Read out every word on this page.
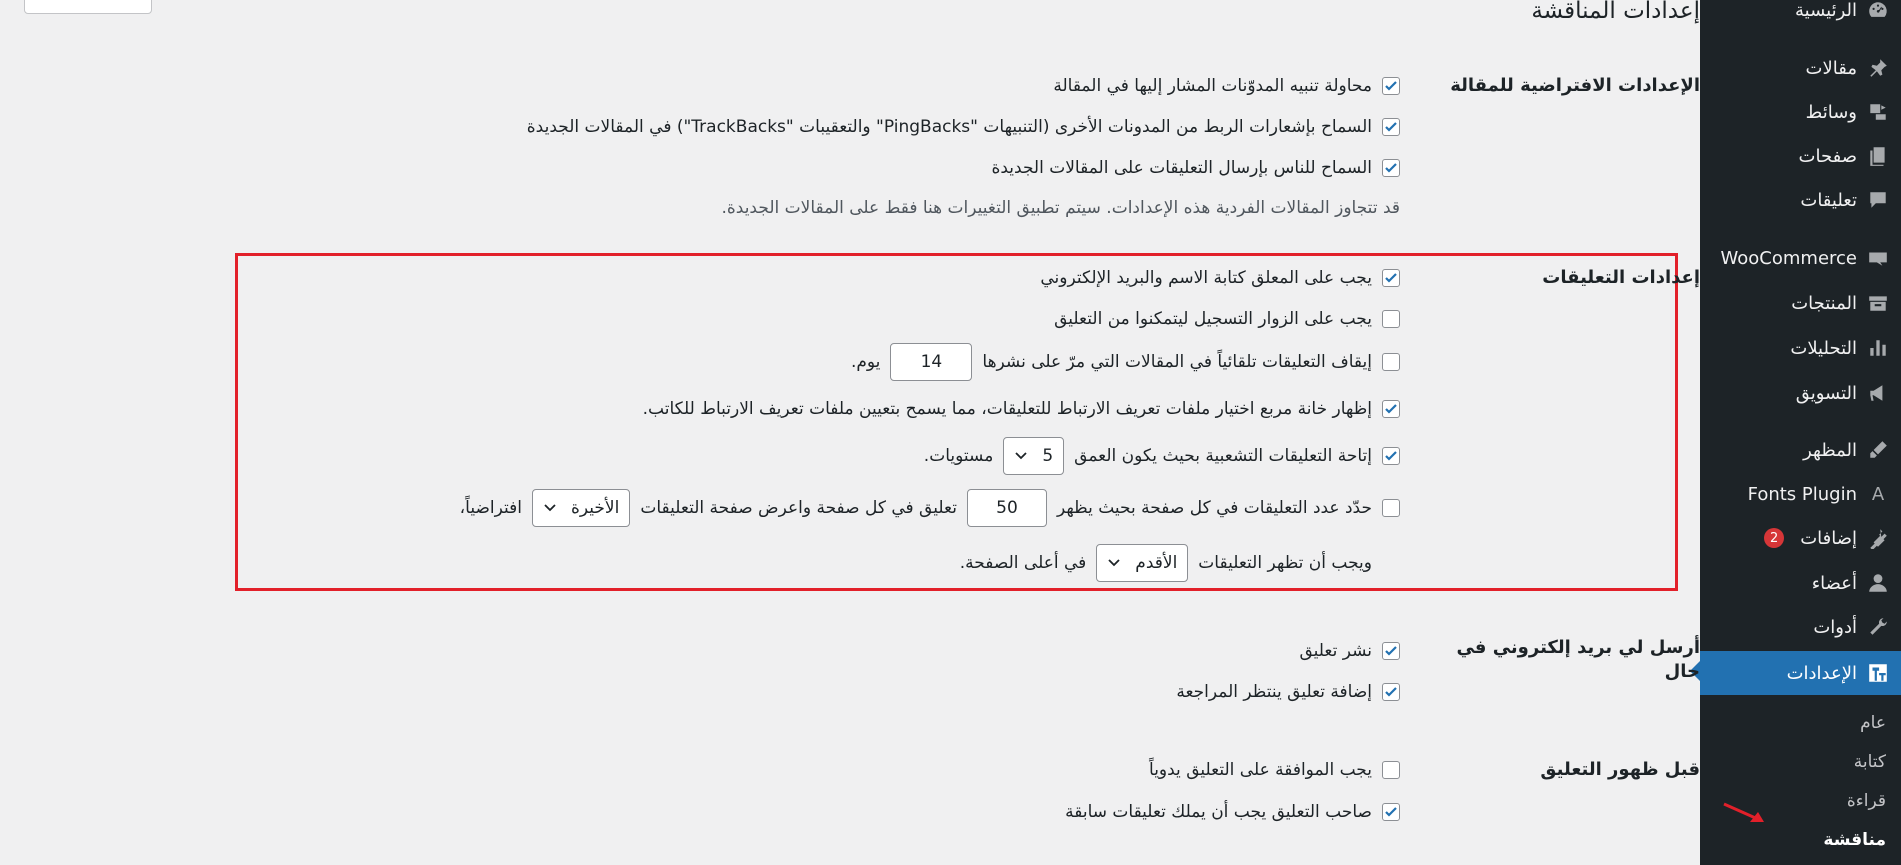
الرئيسية
مقالات
وسائط
صفحات
تعليقات
WooCommerce
المنتجات
التحليلات
التسويق
المظهر
A
Fonts Plugin
إضافات
2
أعضاء
أدوات
الإعدادات
عام
كتابة
قراءة
مناقشة
إعدادات المناقشة
الإعدادات الافتراضية للمقالة
محاولة تنبيه المدوّنات المشار إليها في المقالة
السماح بإشعارات الربط من المدونات الأخرى (التنبيهات "PingBacks" والتعقيبات "TrackBacks") في المقالات الجديدة
السماح للناس بإرسال التعليقات على المقالات الجديدة
قد تتجاوز المقالات الفردية هذه الإعدادات. سيتم تطبيق التغييرات هنا فقط على المقالات الجديدة.
إعدادات التعليقات
يجب على المعلق كتابة الاسم والبريد الإلكتروني
يجب على الزوار التسجيل ليتمكنوا من التعليق
إيقاف التعليقات تلقائياً في المقالات التي مرّ على نشرها
14
يوم.
إظهار خانة مربع اختيار ملفات تعريف الارتباط للتعليقات، مما يسمح بتعيين ملفات تعريف الارتباط للكاتب.
إتاحة التعليقات التشعبية بحيث يكون العمق
5
مستويات.
حدّد عدد التعليقات في كل صفحة بحيث يظهر
50
تعليق في كل صفحة واعرض صفحة التعليقات
الأخيرة
افتراضياً،
ويجب أن تظهر التعليقات
الأقدم
في أعلى الصفحة.
أرسل لي بريد إلكتروني في حال
نشر تعليق
إضافة تعليق ينتظر المراجعة
قبل ظهور التعليق
يجب الموافقة على التعليق يدوياً
صاحب التعليق يجب أن يملك تعليقات سابقة
